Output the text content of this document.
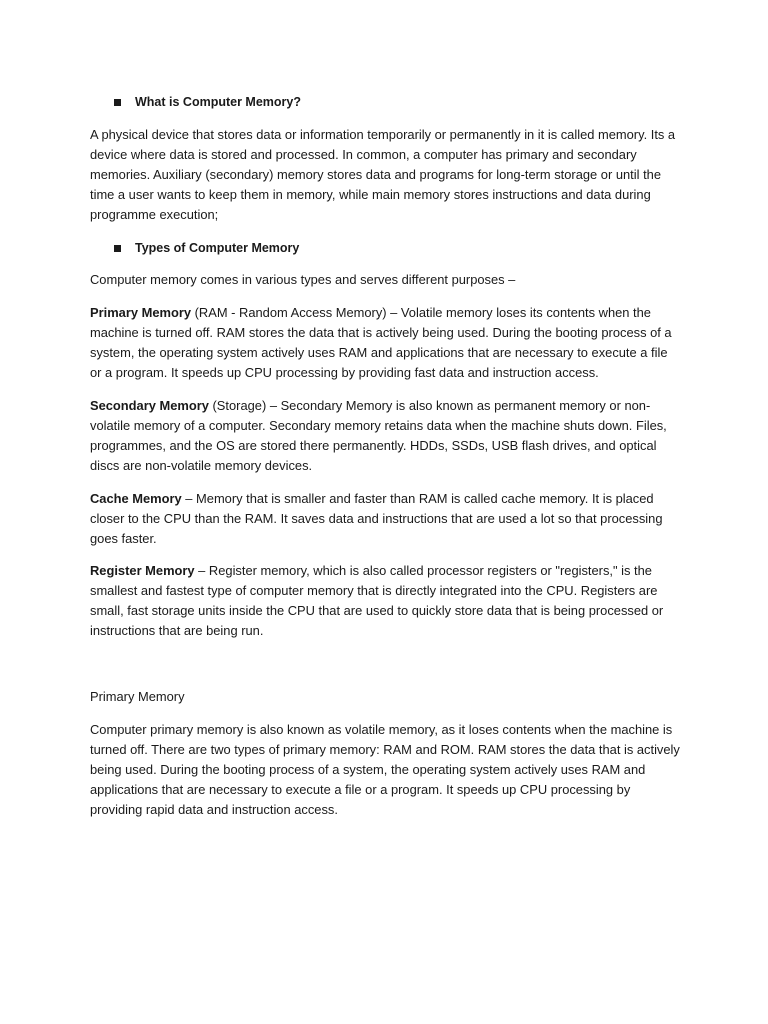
What is Computer Memory?

A physical device that stores data or information temporarily or permanently in it is called memory. Its a device where data is stored and processed. In common, a computer has primary and secondary memories. Auxiliary (secondary) memory stores data and programs for long-term storage or until the time a user wants to keep them in memory, while main memory stores instructions and data during programme execution;

Types of Computer Memory

Computer memory comes in various types and serves different purposes –

Primary Memory (RAM - Random Access Memory) – Volatile memory loses its contents when the machine is turned off. RAM stores the data that is actively being used. During the booting process of a system, the operating system actively uses RAM and applications that are necessary to execute a file or a program. It speeds up CPU processing by providing fast data and instruction access.

Secondary Memory (Storage) – Secondary Memory is also known as permanent memory or non-volatile memory of a computer. Secondary memory retains data when the machine shuts down. Files, programmes, and the OS are stored there permanently. HDDs, SSDs, USB flash drives, and optical discs are non-volatile memory devices.

Cache Memory – Memory that is smaller and faster than RAM is called cache memory. It is placed closer to the CPU than the RAM. It saves data and instructions that are used a lot so that processing goes faster.

Register Memory – Register memory, which is also called processor registers or "registers," is the smallest and fastest type of computer memory that is directly integrated into the CPU. Registers are small, fast storage units inside the CPU that are used to quickly store data that is being processed or instructions that are being run.

Primary Memory

Computer primary memory is also known as volatile memory, as it loses contents when the machine is turned off. There are two types of primary memory: RAM and ROM. RAM stores the data that is actively being used. During the booting process of a system, the operating system actively uses RAM and applications that are necessary to execute a file or a program. It speeds up CPU processing by providing rapid data and instruction access.
